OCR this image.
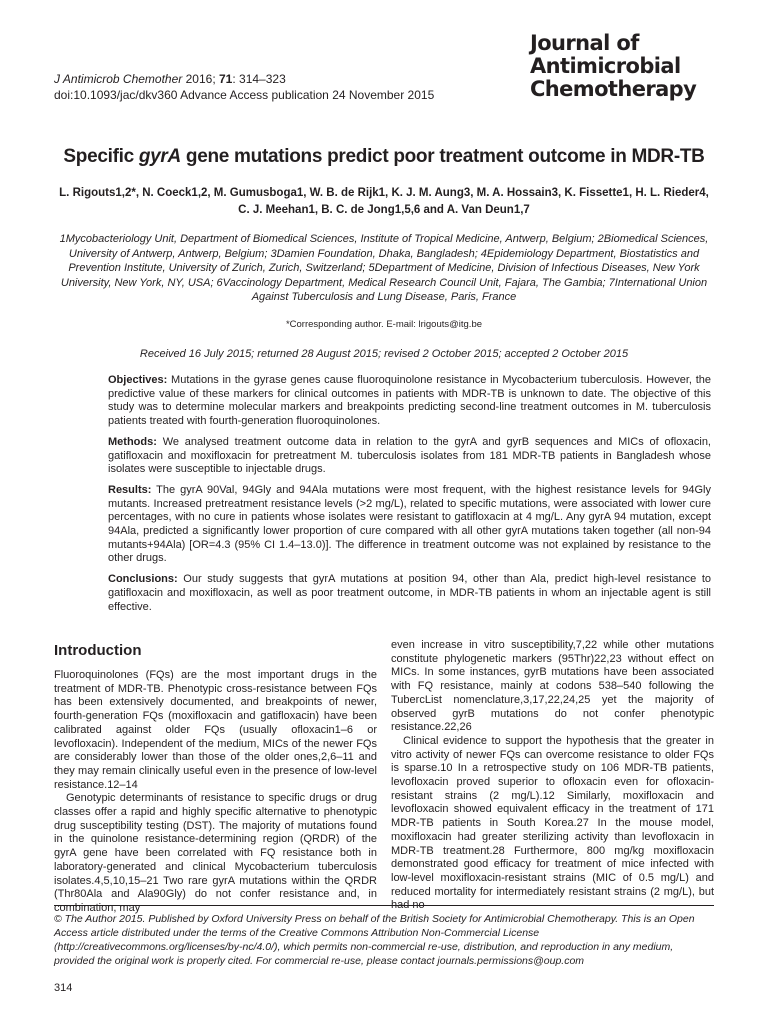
J Antimicrob Chemother 2016; 71: 314–323
doi:10.1093/jac/dkv360 Advance Access publication 24 November 2015
Journal of
Antimicrobial
Chemotherapy
Specific gyrA gene mutations predict poor treatment outcome in MDR-TB
L. Rigouts1,2*, N. Coeck1,2, M. Gumusboga1, W. B. de Rijk1, K. J. M. Aung3, M. A. Hossain3, K. Fissette1, H. L. Rieder4,
C. J. Meehan1, B. C. de Jong1,5,6 and A. Van Deun1,7
1Mycobacteriology Unit, Department of Biomedical Sciences, Institute of Tropical Medicine, Antwerp, Belgium; 2Biomedical Sciences, University of Antwerp, Antwerp, Belgium; 3Damien Foundation, Dhaka, Bangladesh; 4Epidemiology Department, Biostatistics and Prevention Institute, University of Zurich, Zurich, Switzerland; 5Department of Medicine, Division of Infectious Diseases, New York University, New York, NY, USA; 6Vaccinology Department, Medical Research Council Unit, Fajara, The Gambia; 7International Union Against Tuberculosis and Lung Disease, Paris, France
*Corresponding author. E-mail: lrigouts@itg.be
Received 16 July 2015; returned 28 August 2015; revised 2 October 2015; accepted 2 October 2015

Objectives: Mutations in the gyrase genes cause fluoroquinolone resistance in Mycobacterium tuberculosis. However, the predictive value of these markers for clinical outcomes in patients with MDR-TB is unknown to date. The objective of this study was to determine molecular markers and breakpoints predicting second-line treatment outcomes in M. tuberculosis patients treated with fourth-generation fluoroquinolones.

Methods: We analysed treatment outcome data in relation to the gyrA and gyrB sequences and MICs of ofloxacin, gatifloxacin and moxifloxacin for pretreatment M. tuberculosis isolates from 181 MDR-TB patients in Bangladesh whose isolates were susceptible to injectable drugs.

Results: The gyrA 90Val, 94Gly and 94Ala mutations were most frequent, with the highest resistance levels for 94Gly mutants. Increased pretreatment resistance levels (>2 mg/L), related to specific mutations, were associated with lower cure percentages, with no cure in patients whose isolates were resistant to gatifloxacin at 4 mg/L. Any gyrA 94 mutation, except 94Ala, predicted a significantly lower proportion of cure compared with all other gyrA mutations taken together (all non-94 mutants+94Ala) [OR=4.3 (95% CI 1.4–13.0)]. The difference in treatment outcome was not explained by resistance to the other drugs.

Conclusions: Our study suggests that gyrA mutations at position 94, other than Ala, predict high-level resistance to gatifloxacin and moxifloxacin, as well as poor treatment outcome, in MDR-TB patients in whom an injectable agent is still effective.

Introduction

Fluoroquinolones (FQs) are the most important drugs in the treatment of MDR-TB. Phenotypic cross-resistance between FQs has been extensively documented, and breakpoints of newer, fourth-generation FQs (moxifloxacin and gatifloxacin) have been calibrated against older FQs (usually ofloxacin1–6 or levofloxacin). Independent of the medium, MICs of the newer FQs are considerably lower than those of the older ones,2,6–11 and they may remain clinically useful even in the presence of low-level resistance.12–14

Genotypic determinants of resistance to specific drugs or drug classes offer a rapid and highly specific alternative to phenotypic drug susceptibility testing (DST). The majority of mutations found in the quinolone resistance-determining region (QRDR) of the gyrA gene have been correlated with FQ resistance both in laboratory-generated and clinical Mycobacterium tuberculosis isolates.4,5,10,15–21 Two rare gyrA mutations within the QRDR (Thr80Ala and Ala90Gly) do not confer resistance and, in combination, may

even increase in vitro susceptibility,7,22 while other mutations constitute phylogenetic markers (95Thr)22,23 without effect on MICs. In some instances, gyrB mutations have been associated with FQ resistance, mainly at codons 538–540 following the TubercList nomenclature,3,17,22,24,25 yet the majority of observed gyrB mutations do not confer phenotypic resistance.22,26

Clinical evidence to support the hypothesis that the greater in vitro activity of newer FQs can overcome resistance to older FQs is sparse.10 In a retrospective study on 106 MDR-TB patients, levofloxacin proved superior to ofloxacin even for ofloxacin-resistant strains (2 mg/L).12 Similarly, moxifloxacin and levofloxacin showed equivalent efficacy in the treatment of 171 MDR-TB patients in South Korea.27 In the mouse model, moxifloxacin had greater sterilizing activity than levofloxacin in MDR-TB treatment.28 Furthermore, 800 mg/kg moxifloxacin demonstrated good efficacy for treatment of mice infected with low-level moxifloxacin-resistant strains (MIC of 0.5 mg/L) and reduced mortality for intermediately resistant strains (2 mg/L), but had no

© The Author 2015. Published by Oxford University Press on behalf of the British Society for Antimicrobial Chemotherapy. This is an Open Access article distributed under the terms of the Creative Commons Attribution Non-Commercial License (http://creativecommons.org/licenses/by-nc/4.0/), which permits non-commercial re-use, distribution, and reproduction in any medium, provided the original work is properly cited. For commercial re-use, please contact journals.permissions@oup.com
314
